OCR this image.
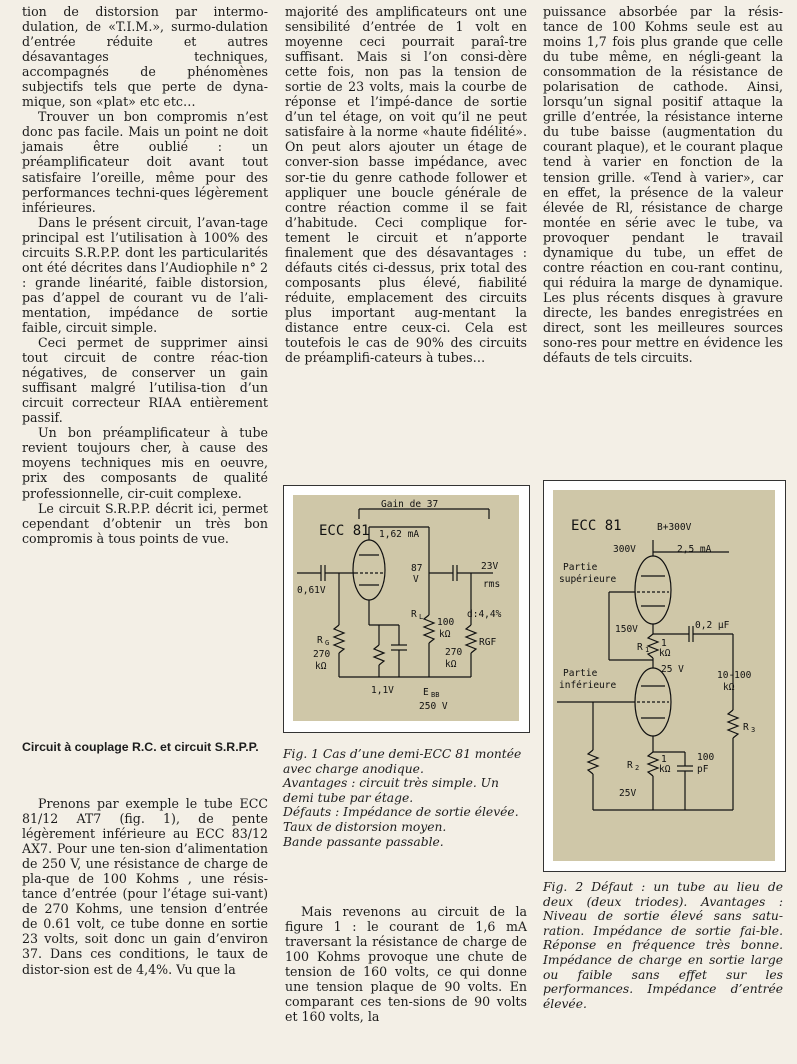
tion de distorsion par intermo-dulation, de «T.I.M.», surmo-dulation d’entrée réduite et autres désavantages techniques, accompagnés de phénomènes subjectifs tels que perte de dyna-mique, son «plat» etc etc…

Trouver un bon compromis n’est donc pas facile. Mais un point ne doit jamais être oublié : un préamplificateur doit avant tout satisfaire l’oreille, même pour des performances techni-ques légèrement inférieures.

Dans le présent circuit, l’avan-tage principal est l’utilisation à 100% des circuits S.R.P.P. dont les particularités ont été décrites dans l’Audiophile n° 2 : grande linéarité, faible distorsion, pas d’appel de courant vu de l’ali-mentation, impédance de sortie faible, circuit simple.

Ceci permet de supprimer ainsi tout circuit de contre réac-tion négatives, de conserver un gain suffisant malgré l’utilisa-tion d’un circuit correcteur RIAA entièrement passif.

Un bon préamplificateur à tube revient toujours cher, à cause des moyens techniques mis en oeuvre, prix des composants de qualité professionnelle, cir-cuit complexe.

Le circuit S.R.P.P. décrit ici, permet cependant d’obtenir un très bon compromis à tous points de vue.

Circuit à couplage R.C. et circuit S.R.P.P.

Prenons par exemple le tube ECC 81/12 AT7 (fig. 1), de pente légèrement inférieure au ECC 83/12 AX7. Pour une ten-sion d’alimentation de 250 V, une résistance de charge de pla-que de 100 Kohms , une résis-tance d’entrée (pour l’étage sui-vant) de 270 Kohms, une tension d’entrée de 0.61 volt, ce tube donne en sortie 23 volts, soit donc un gain d’environ 37. Dans ces conditions, le taux de distor-sion est de 4,4%. Vu que la

majorité des amplificateurs ont une sensibilité d’entrée de 1 volt en moyenne ceci pourrait paraî-tre suffisant. Mais si l’on consi-dère cette fois, non pas la tension de sortie de 23 volts, mais la courbe de réponse et l’impé-dance de sortie d’un tel étage, on voit qu’il ne peut satisfaire à la norme «haute fidélité». On peut alors ajouter un étage de conver-sion basse impédance, avec sor-tie du genre cathode follower et appliquer une boucle générale de contre réaction comme il se fait d’habitude. Ceci complique for-tement le circuit et n’apporte finalement que des désavantages : défauts cités ci-dessus, prix total des composants plus élevé, fiabilité réduite, emplacement des circuits plus important aug-mentant la distance entre ceux-ci. Cela est toutefois le cas de 90% des circuits de préamplifi-cateurs à tubes…

Gain de 37
ECC 81 1,62 mA
0,61V
87
V
23V
rms
d:4,4%
R L 100
kΩ
R G
270
kΩ
1,1V
270
kΩ
RGF
E BB
250 V
Fig. 1 Cas d’une demi-ECC 81 montée avec charge anodique.
Avantages : circuit très simple. Un demi tube par étage.
Défauts : Impédance de sortie élevée.
Taux de distorsion moyen.
Bande passante passable.

Mais revenons au circuit de la figure 1 : le courant de 1,6 mA traversant la résistance de charge de 100 Kohms provoque une chute de tension de 160 volts, ce qui donne une tension plaque de 90 volts. En comparant ces ten-sions de 90 volts et 160 volts, la

puissance absorbée par la résis-tance de 100 Kohms seule est au moins 1,7 fois plus grande que celle du tube même, en négli-geant la consommation de la résistance de polarisation de cathode. Ainsi, lorsqu’un signal positif attaque la grille d’entrée, la résistance interne du tube baisse (augmentation du courant plaque), et le courant plaque tend à varier en fonction de la tension grille. «Tend à varier», car en effet, la présence de la valeur élevée de Rl, résistance de charge montée en série avec le tube, va provoquer pendant le travail dynamique du tube, un effet de contre réaction en cou-rant continu, qui réduira la marge de dynamique. Les plus récents disques à gravure directe, les bandes enregistrées en direct, sont les meilleures sources sono-res pour mettre en évidence les défauts de tels circuits.

ECC 81	B+300V
300V	2,5 mA
Partie
supérieure
150V
R 1
1
kΩ
0,2 µF
10-100
kΩ
Partie
inférieure
25 V
R 3
R 2
1
kΩ
100
pF
25V
Fig. 2 Défaut : un tube au lieu de deux (deux triodes). Avantages : Niveau de sortie élevé sans satu-ration. Impédance de sortie fai-ble. Réponse en fréquence très bonne. Impédance de charge en sortie large ou faible sans effet sur les performances. Impédance d’entrée élevée.
